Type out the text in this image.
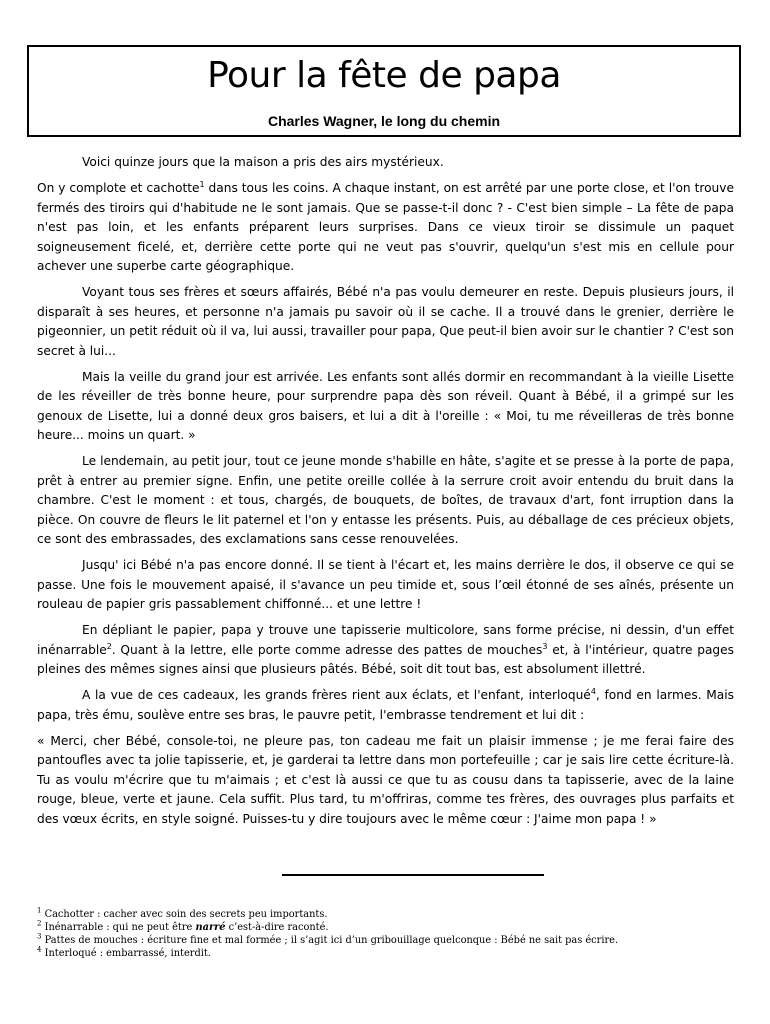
Pour la fête de papa
Charles Wagner, le long du chemin

Voici quinze jours que la maison a pris des airs mystérieux.

On y complote et cachotte$^1$ dans tous les coins. A chaque instant, on est arrêté par une porte close, et l'on trouve fermés des tiroirs qui d'habitude ne le sont jamais. Que se passe-t-il donc ? - C'est bien simple – La fête de papa n'est pas loin, et les enfants préparent leurs surprises. Dans ce vieux tiroir se dissimule un paquet soigneusement ficelé, et, derrière cette porte qui ne veut pas s'ouvrir, quelqu'un s'est mis en cellule pour achever une superbe carte géographique.

Voyant tous ses frères et sœurs affairés, Bébé n'a pas voulu demeurer en reste. Depuis plusieurs jours, il disparaît à ses heures, et personne n'a jamais pu savoir où il se cache. Il a trouvé dans le grenier, derrière le pigeonnier, un petit réduit où il va, lui aussi, travailler pour papa, Que peut-il bien avoir sur le chantier ? C'est son secret à lui...

Mais la veille du grand jour est arrivée. Les enfants sont allés dormir en recommandant à la vieille Lisette de les réveiller de très bonne heure, pour surprendre papa dès son réveil. Quant à Bébé, il a grimpé sur les genoux de Lisette, lui a donné deux gros baisers, et lui a dit à l'oreille : « Moi, tu me réveilleras de très bonne heure... moins un quart. »

Le lendemain, au petit jour, tout ce jeune monde s'habille en hâte, s'agite et se presse à la porte de papa, prêt à entrer au premier signe. Enfin, une petite oreille collée à la serrure croit avoir entendu du bruit dans la chambre. C'est le moment : et tous, chargés, de bouquets, de boîtes, de travaux d'art, font irruption dans la pièce. On couvre de fleurs le lit paternel et l'on y entasse les présents. Puis, au déballage de ces précieux objets, ce sont des embrassades, des exclamations sans cesse renouvelées.

Jusqu' ici Bébé n'a pas encore donné. Il se tient à l'écart et, les mains derrière le dos, il observe ce qui se passe. Une fois le mouvement apaisé, il s'avance un peu timide et, sous l’œil étonné de ses aînés, présente un rouleau de papier gris passablement chiffonné... et une lettre !

En dépliant le papier, papa y trouve une tapisserie multicolore, sans forme précise, ni dessin, d'un effet inénarrable$^2$. Quant à la lettre, elle porte comme adresse des pattes de mouches$^3$ et, à l'intérieur, quatre pages pleines des mêmes signes ainsi que plusieurs pâtés. Bébé, soit dit tout bas, est absolument illettré.

A la vue de ces cadeaux, les grands frères rient aux éclats, et l'enfant, interloqué$^4$, fond en larmes. Mais papa, très ému, soulève entre ses bras, le pauvre petit, l'embrasse tendrement et lui dit :

« Merci, cher Bébé, console-toi, ne pleure pas, ton cadeau me fait un plaisir immense ; je me ferai faire des pantoufles avec ta jolie tapisserie, et, je garderai ta lettre dans mon portefeuille ; car je sais lire cette écriture-là. Tu as voulu m'écrire que tu m'aimais ; et c'est là aussi ce que tu as cousu dans ta tapisserie, avec de la laine rouge, bleue, verte et jaune. Cela suffit. Plus tard, tu m'offriras, comme tes frères, des ouvrages plus parfaits et des vœux écrits, en style soigné. Puisses-tu y dire toujours avec le même cœur : J'aime mon papa ! »

$^1$ Cachotter : cacher avec soin des secrets peu importants.
$^2$ Inénarrable : qui ne peut être narré c’est-à-dire raconté.
$^3$ Pattes de mouches : écriture fine et mal formée ; il s’agit ici d’un gribouillage quelconque : Bébé ne sait pas écrire.
$^4$ Interloqué : embarrassé, interdit.
